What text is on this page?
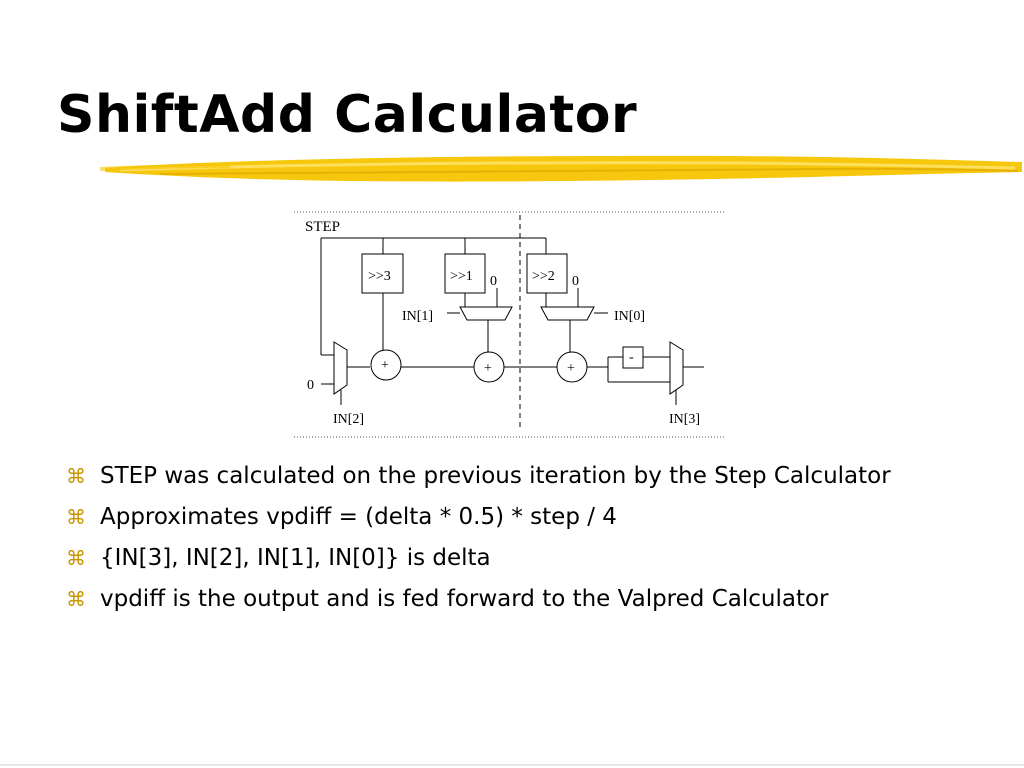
ShiftAdd Calculator
STEP
>>3	>>1	>>2
0
IN[1]
0
IN[0]
0
IN[2]
+	+	+
-
IN[3]
⌘ STEP was calculated on the previous iteration by the Step Calculator
⌘ Approximates vpdiff = (delta * 0.5) * step / 4
⌘ {IN[3], IN[2], IN[1], IN[0]} is delta
⌘ vpdiff is the output and is fed forward to the Valpred Calculator
